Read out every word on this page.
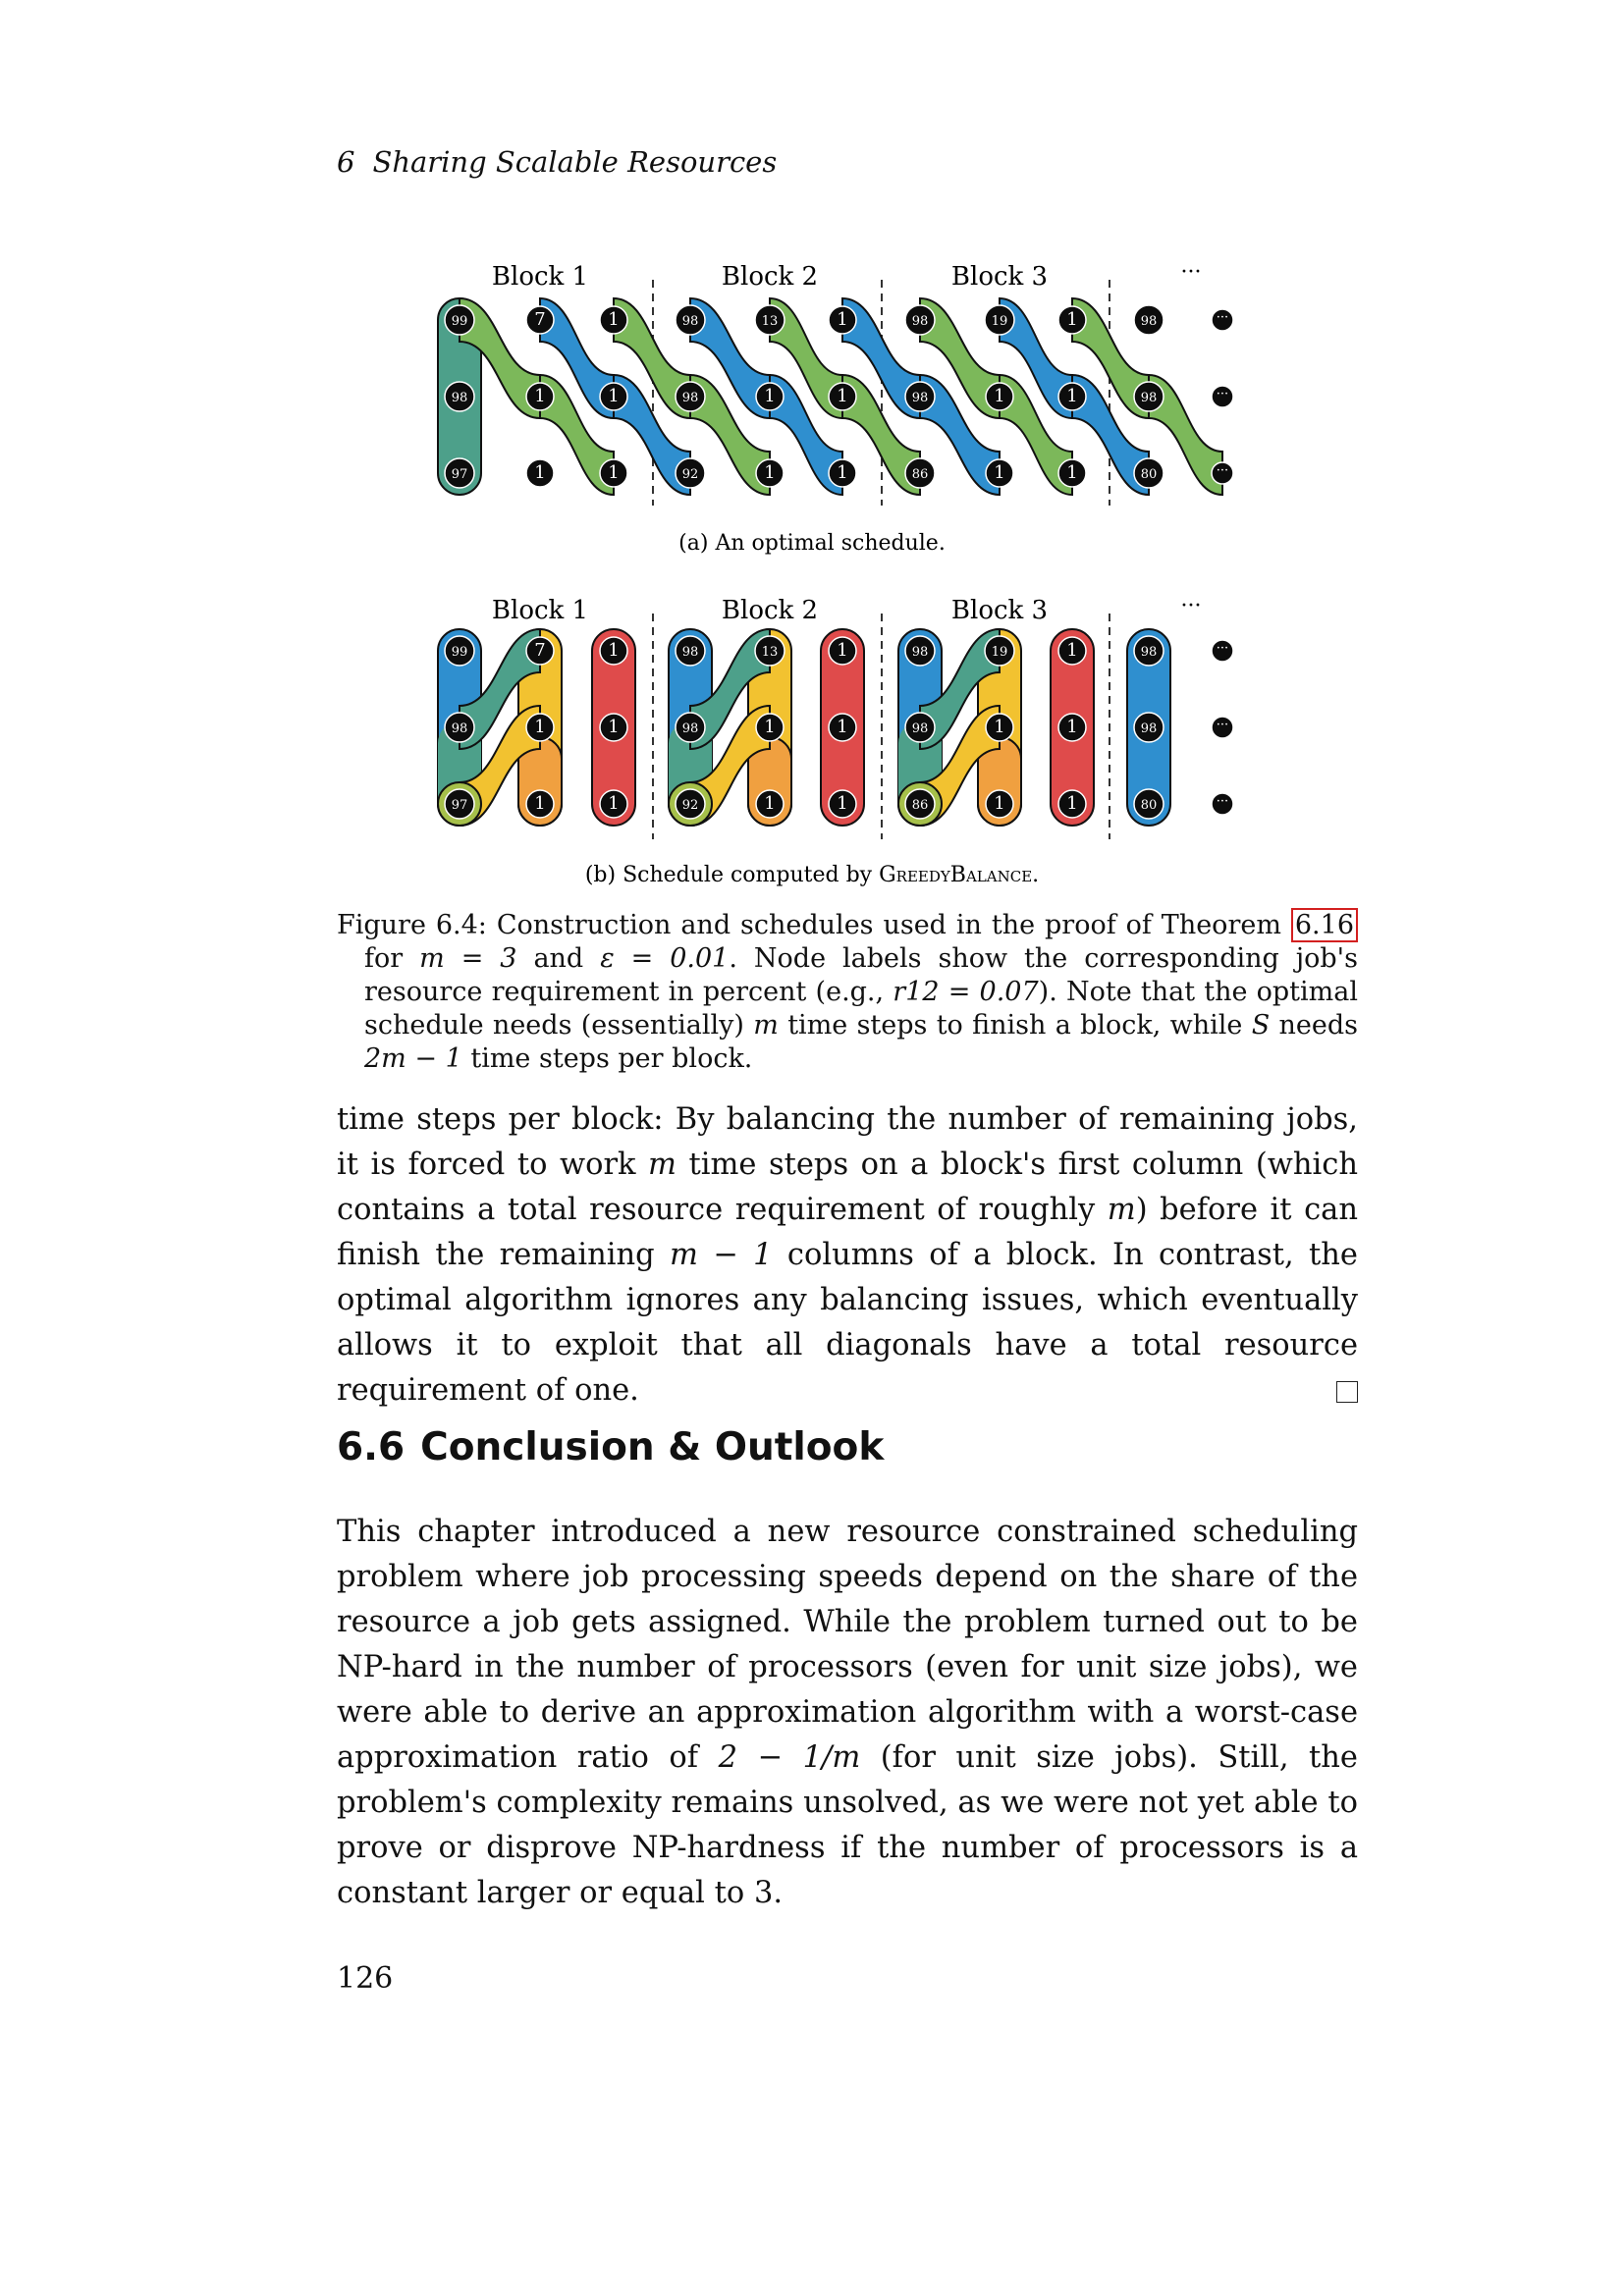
6 Sharing Scalable Resources
Block 1	Block 2	Block 3	···
99	7	1	98	13	1	98	19	1	98	···
98	1	1	98	1	1	98	1	1	98	···
97	1	1	92	1	1	86	1	1	80	···
(a) An optimal schedule.
Block 1	Block 2	Block 3	···
99	7	1	98	13	1	98	19	1	98	···
98	1	1	98	1	1	98	1	1	98	···
97	1	1	92	1	1	86	1	1	80	···
(b) Schedule computed by GreedyBalance.

Figure 6.4: Construction and schedules used in the proof of Theorem 6.16 for m = 3 and ε = 0.01. Node labels show the corresponding job's resource requirement in percent (e.g., r12 = 0.07). Note that the optimal schedule needs (essentially) m time steps to finish a block, while S needs 2m − 1 time steps per block.

time steps per block: By balancing the number of remaining jobs, it is forced to work m time steps on a block's first column (which contains a total resource requirement of roughly m) before it can finish the remaining m − 1 columns of a block. In contrast, the optimal algorithm ignores any balancing issues, which eventually allows it to exploit that all diagonals have a total resource requirement of one.

6.6 Conclusion & Outlook

This chapter introduced a new resource constrained scheduling problem where job processing speeds depend on the share of the resource a job gets assigned. While the problem turned out to be NP-hard in the number of processors (even for unit size jobs), we were able to derive an approximation algorithm with a worst-case approximation ratio of 2 − 1/m (for unit size jobs). Still, the problem's complexity remains unsolved, as we were not yet able to prove or disprove NP-hardness if the number of processors is a constant larger or equal to 3.

126
